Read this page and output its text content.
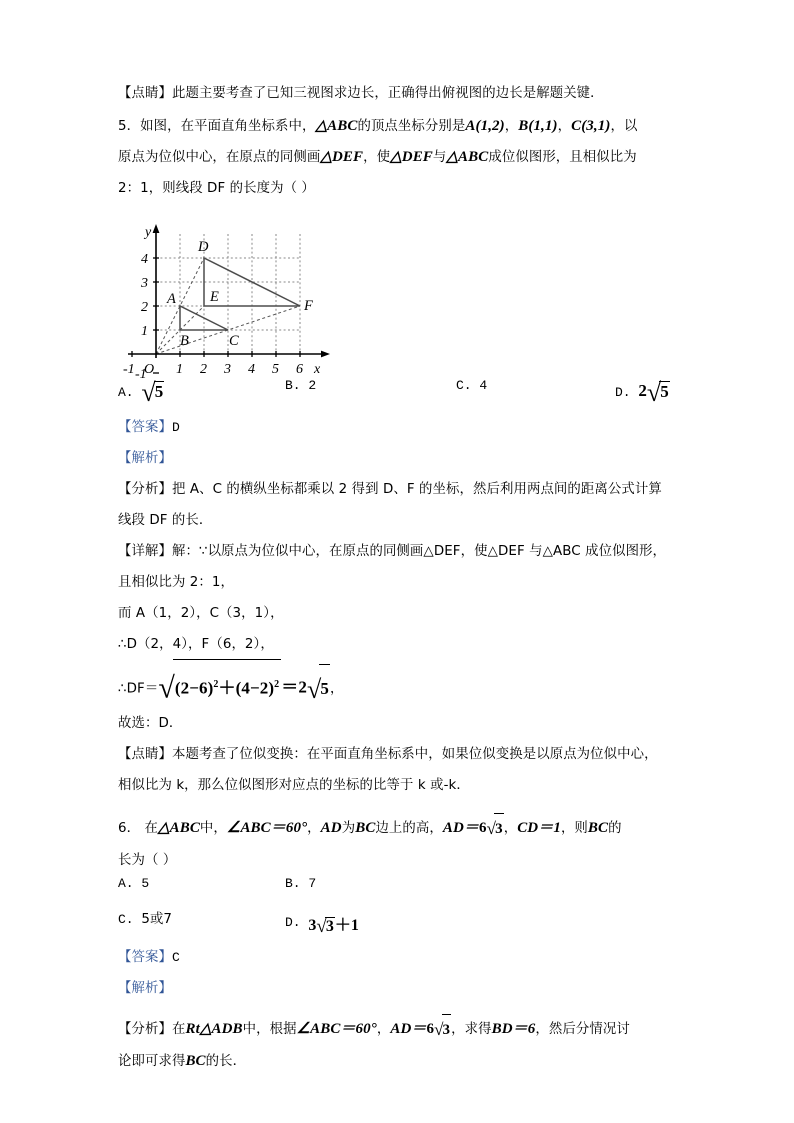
【点睛】此题主要考查了已知三视图求边长，正确得出俯视图的边长是解题关键．
5．如图，在平面直角坐标系中，△ABC的顶点坐标分别是A(1,2)，B(1,1)，C(3,1)，以
原点为位似中心，在原点的同侧画△DEF，使△DEF与△ABC成位似图形，且相似比为
2：1，则线段 DF 的长度为（ ）
-1	1 2 3 4 5 6
1
2
3
4
-1
O	x
y
A
B	C
D
E
F
A. √5	B. 2	C. 4	D. 2√5
【答案】D
【解析】
【分析】把 A、C 的横纵坐标都乘以 2 得到 D、F 的坐标，然后利用两点间的距离公式计算
线段 DF 的长．
【详解】解：∵以原点为位似中心，在原点的同侧画△DEF，使△DEF 与△ABC 成位似图形，
且相似比为 2：1，
而 A（1，2），C（3，1），
∴D（2，4），F（6，2），
$\therefore DF=√(2-6)^2+(4-2)^2 =2√5$，
故选：D．
【点睛】本题考查了位似变换：在平面直角坐标系中，如果位似变换是以原点为位似中心，
相似比为 k，那么位似图形对应点的坐标的比等于 k 或-k．
6． 在△ABC中，∠ABC＝60°，AD为BC边上的高，AD＝6√3，CD＝1，则BC的
长为（ ）
A. 5	B. 7
C. 5或7	D. 3√3＋1
【答案】C
【解析】
【分析】在Rt△ADB中，根据∠ABC＝60°，AD＝6√3，求得BD＝6，然后分情况讨
论即可求得BC的长．
